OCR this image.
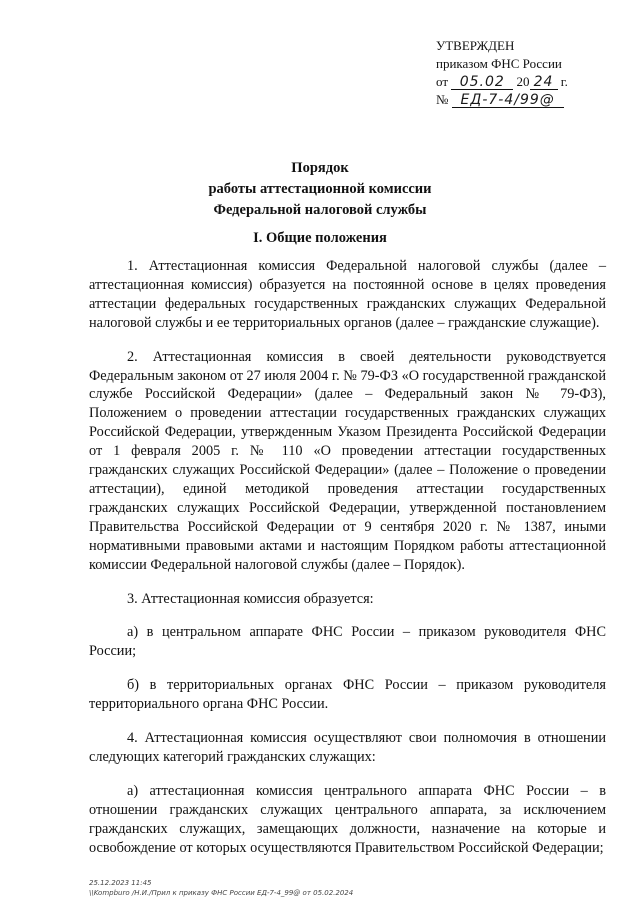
УТВЕРЖДЕН
приказом ФНС России
от 05.02 20 24 г.
№ ЕД-7-4/99@
Порядок
работы аттестационной комиссии
Федеральной налоговой службы
I. Общие положения

1. Аттестационная комиссия Федеральной налоговой службы (далее – аттестационная комиссия) образуется на постоянной основе в целях проведения аттестации федеральных государственных гражданских служащих Федеральной налоговой службы и ее территориальных органов (далее – гражданские служащие).

2. Аттестационная комиссия в своей деятельности руководствуется Федеральным законом от 27 июля 2004 г. № 79-ФЗ «О государственной гражданской службе Российской Федерации» (далее – Федеральный закон № 79-ФЗ), Положением о проведении аттестации государственных гражданских служащих Российской Федерации, утвержденным Указом Президента Российской Федерации от 1 февраля 2005 г. № 110 «О проведении аттестации государственных гражданских служащих Российской Федерации» (далее – Положение о проведении аттестации), единой методикой проведения аттестации государственных гражданских служащих Российской Федерации, утвержденной постановлением Правительства Российской Федерации от 9 сентября 2020 г. № 1387, иными нормативными правовыми актами и настоящим Порядком работы аттестационной комиссии Федеральной налоговой службы (далее – Порядок).

3. Аттестационная комиссия образуется:

а) в центральном аппарате ФНС России – приказом руководителя ФНС России;

б) в территориальных органах ФНС России – приказом руководителя территориального органа ФНС России.

4. Аттестационная комиссия осуществляют свои полномочия в отношении следующих категорий гражданских служащих:

а) аттестационная комиссия центрального аппарата ФНС России – в отношении гражданских служащих центрального аппарата, за исключением гражданских служащих, замещающих должности, назначение на которые и освобождение от которых осуществляются Правительством Российской Федерации;

25.12.2023 11:45
\\Kompburo /Н.И./Прил к приказу ФНС России ЕД-7-4_99@ от 05.02.2024
